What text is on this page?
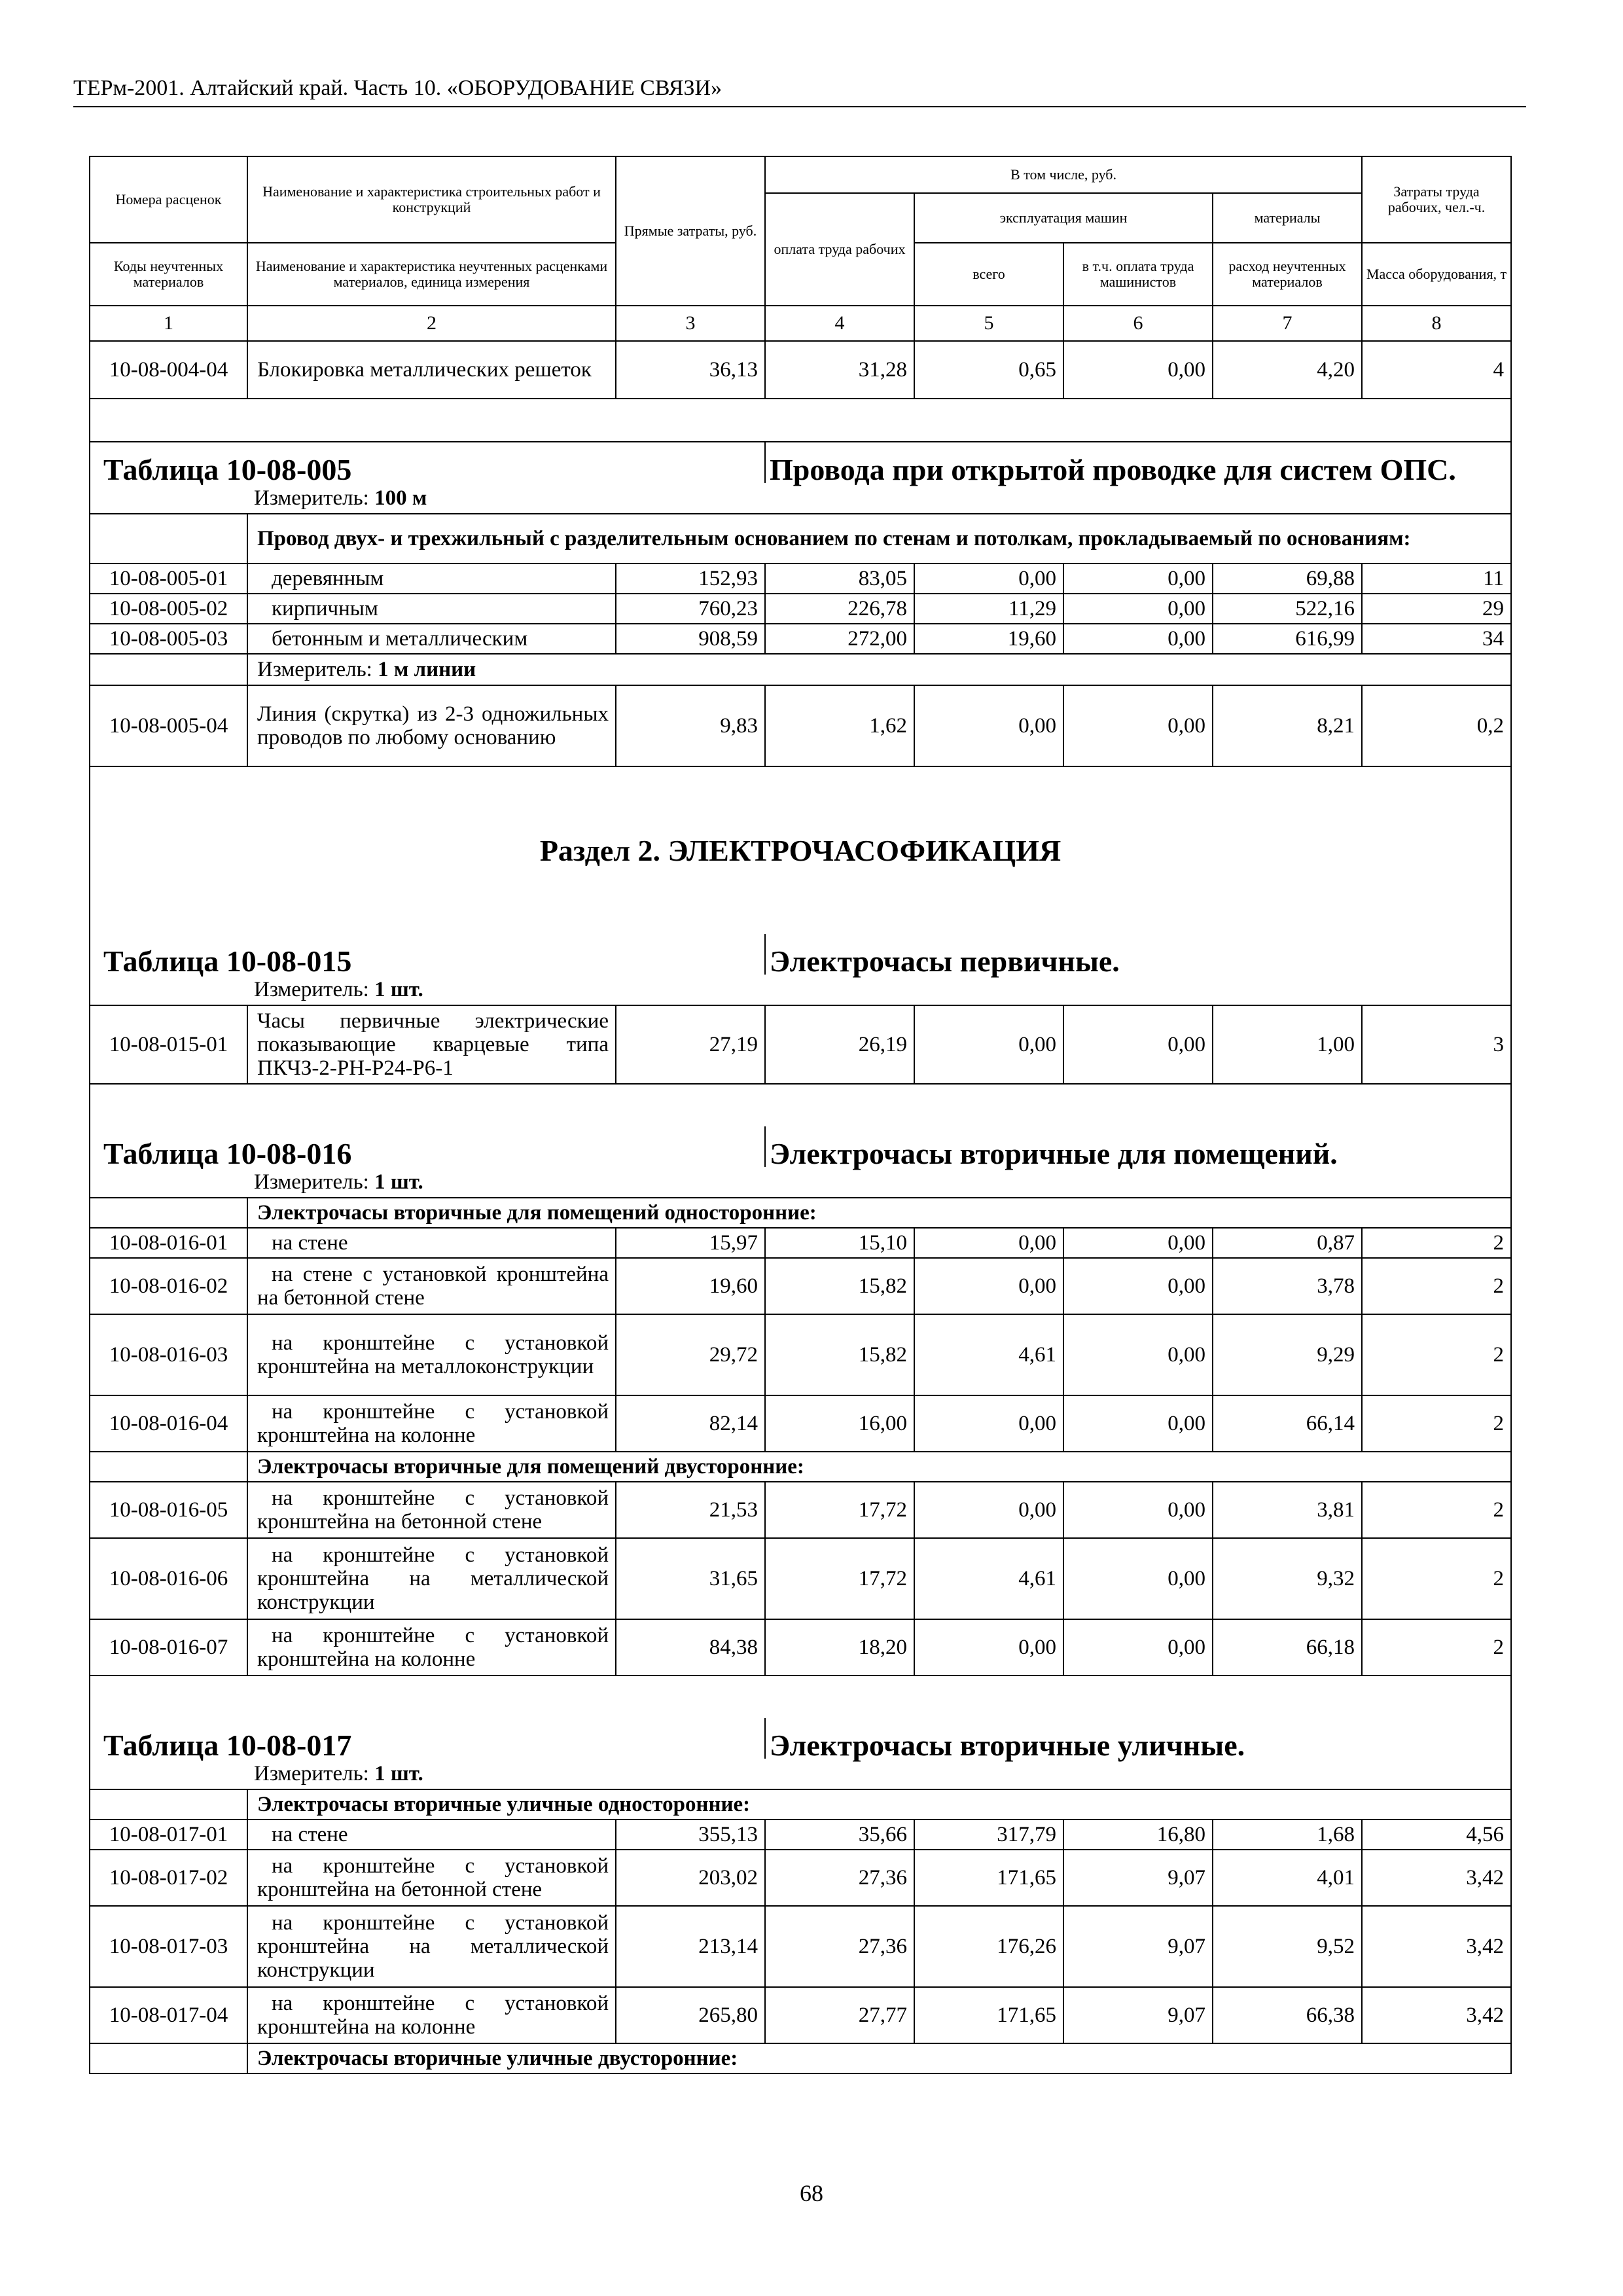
ТЕРм-2001. Алтайский край. Часть 10. «ОБОРУДОВАНИЕ СВЯЗИ»
Номера расценок	Наименование и характеристика строительных работ и конструкций	Прямые затраты, руб.	В том числе, руб.				Затраты труда рабочих, чел.-ч.
			оплата труда рабочих	эксплуатация машин		материалы	
Коды неучтенных материалов	Наименование и характеристика неучтенных расценками материалов, единица измерения			всего	в т.ч. оплата труда машинистов	расход неучтенных материалов	Масса оборудования, т
1	2	3	4	5	6	7	8
10-08-004-04	Блокировка металлических решеток	36,13	31,28	0,65	0,00	4,20	4

Таблица 10-08-005			Провода при открытой проводке для систем ОПС.				
	Измеритель: 100 м						
	Провод двух- и трехжильный с разделительным основанием по стенам и потолкам, прокладываемый по основаниям:						
10-08-005-01	деревянным	152,93	83,05	0,00	0,00	69,88	11
10-08-005-02	кирпичным	760,23	226,78	11,29	0,00	522,16	29
10-08-005-03	бетонным и металлическим	908,59	272,00	19,60	0,00	616,99	34
	Измеритель: 1 м линии						
10-08-005-04	Линия (скрутка) из 2-3 одножильных проводов по любому основанию	9,83	1,62	0,00	0,00	8,21	0,2
Раздел 2. ЭЛЕКТРОЧАСОФИКАЦИЯ							
Таблица 10-08-015			Электрочасы первичные.				
	Измеритель: 1 шт.						
10-08-015-01	Часы первичные электрические показывающие кварцевые типа ПКЧЗ-2-РН-Р24-Р6-1	27,19	26,19	0,00	0,00	1,00	3

Таблица 10-08-016			Электрочасы вторичные для помещений.				
	Измеритель: 1 шт.						
	Электрочасы вторичные для помещений односторонние:						
10-08-016-01	на стене	15,97	15,10	0,00	0,00	0,87	2
10-08-016-02	на стене с установкой кронштейна на бетонной стене	19,60	15,82	0,00	0,00	3,78	2
10-08-016-03	на кронштейне с установкой кронштейна на металлоконструкции	29,72	15,82	4,61	0,00	9,29	2
10-08-016-04	на кронштейне с установкой кронштейна на колонне	82,14	16,00	0,00	0,00	66,14	2
	Электрочасы вторичные для помещений двусторонние:						
10-08-016-05	на кронштейне с установкой кронштейна на бетонной стене	21,53	17,72	0,00	0,00	3,81	2
10-08-016-06	на кронштейне с установкой кронштейна на металлической конструкции	31,65	17,72	4,61	0,00	9,32	2
10-08-016-07	на кронштейне с установкой кронштейна на колонне	84,38	18,20	0,00	0,00	66,18	2

Таблица 10-08-017			Электрочасы вторичные уличные.				
	Измеритель: 1 шт.						
	Электрочасы вторичные уличные односторонние:						
10-08-017-01	на стене	355,13	35,66	317,79	16,80	1,68	4,56
10-08-017-02	на кронштейне с установкой кронштейна на бетонной стене	203,02	27,36	171,65	9,07	4,01	3,42
10-08-017-03	на кронштейне с установкой кронштейна на металлической конструкции	213,14	27,36	176,26	9,07	9,52	3,42
10-08-017-04	на кронштейне с установкой кронштейна на колонне	265,80	27,77	171,65	9,07	66,38	3,42
	Электрочасы вторичные уличные двусторонние:						
68
